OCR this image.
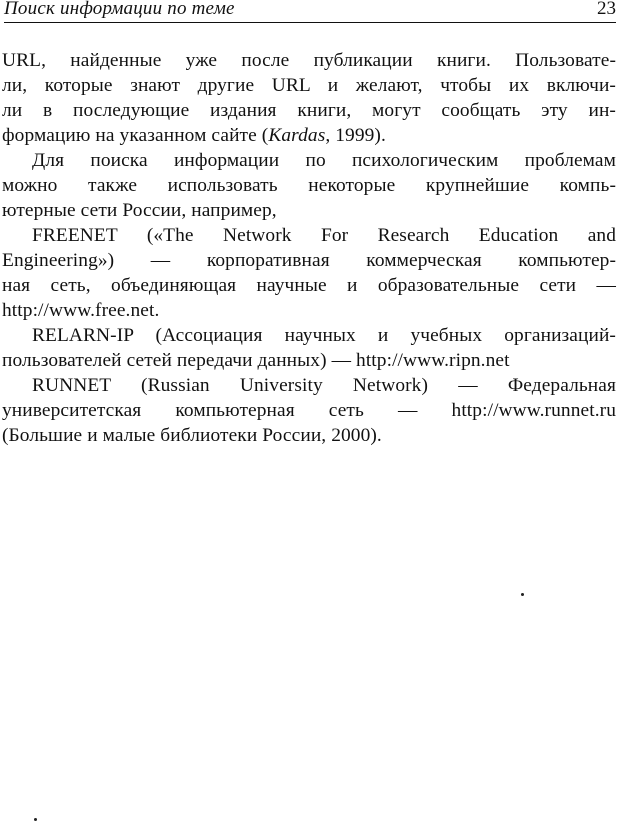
Поиск информации по теме	23
URL, найденные уже после публикации книги. Пользовате-
ли, которые знают другие URL и желают, чтобы их включи-
ли в последующие издания книги, могут сообщать эту ин-
формацию на указанном сайте (Kardas, 1999).
Для поиска информации по психологическим проблемам
можно также использовать некоторые крупнейшие компь-
ютерные сети России, например,
FREENET («The Network For Research Education and
Engineering») — корпоративная коммерческая компьютер-
ная сеть, объединяющая научные и образовательные сети —
http://www.free.net.
RELARN-IP (Ассоциация научных и учебных организаций-
пользователей сетей передачи данных) — http://www.ripn.net
RUNNET (Russian University Network) — Федеральная
университетская компьютерная сеть — http://www.runnet.ru
(Большие и малые библиотеки России, 2000).
